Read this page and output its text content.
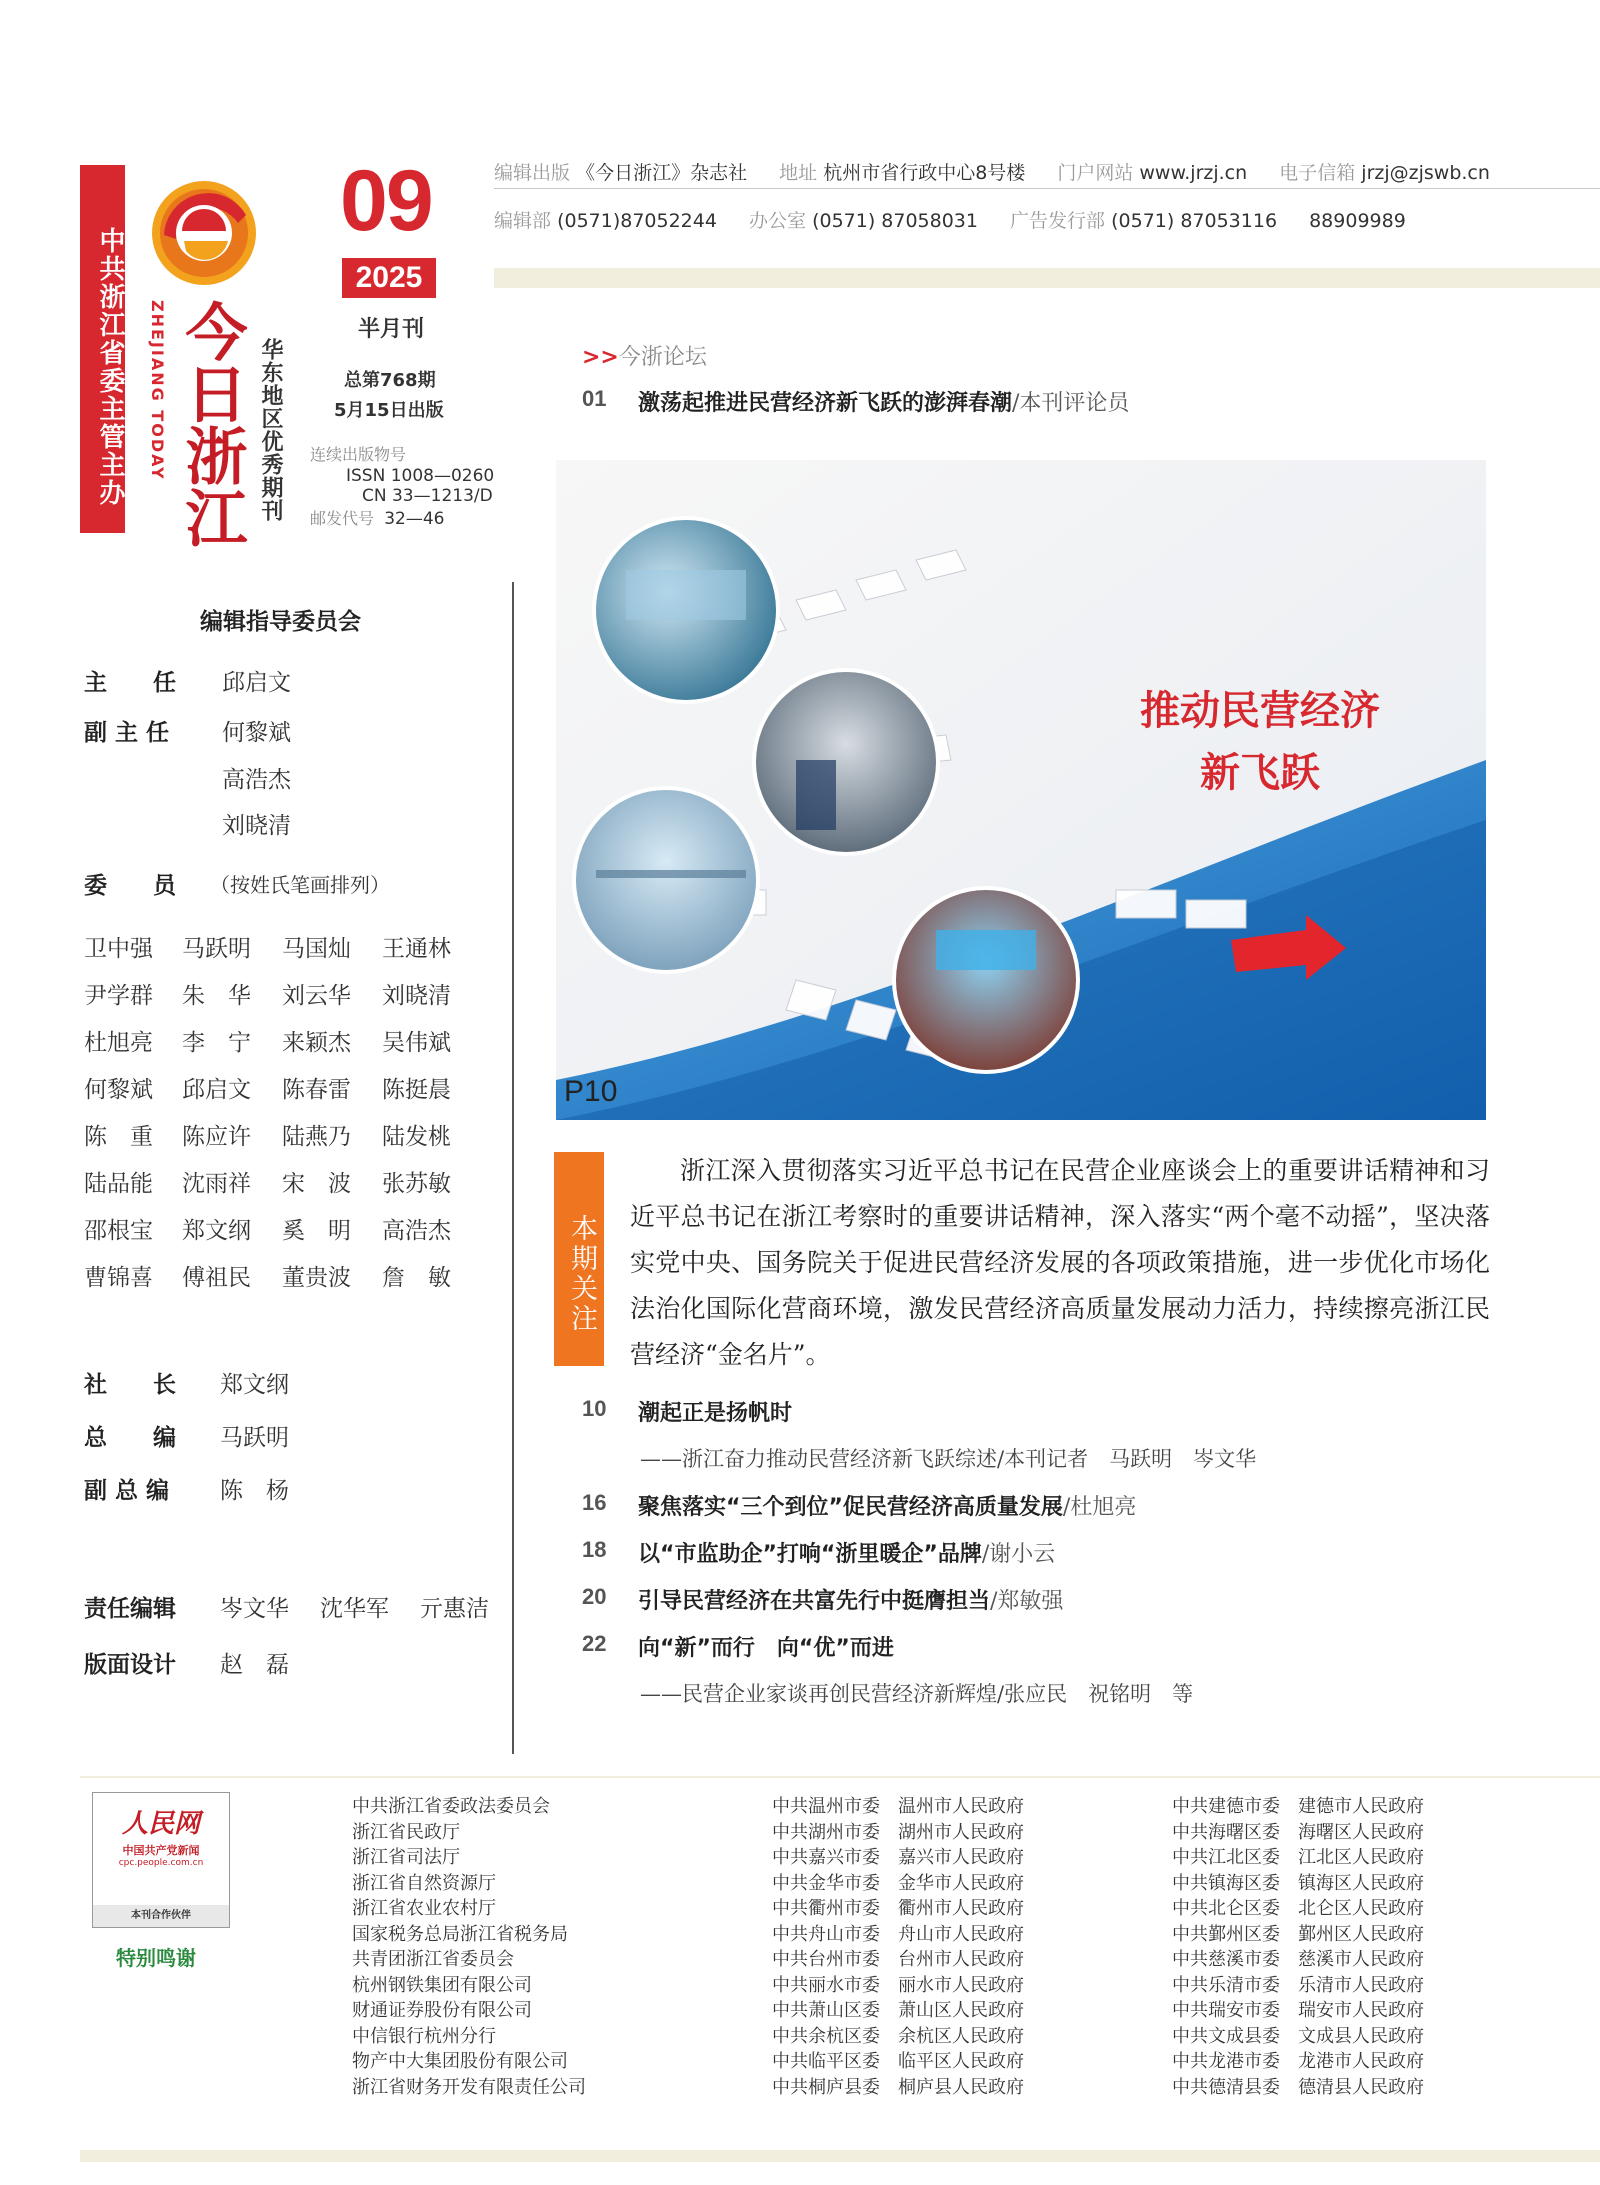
中共浙江省委主管主办 ZHEJIANG TODAY 今日浙江 华东地区优秀期刊
09
2025
半月刊
总第768期
5月15日出版
连续出版物号
ISSN 1008—0260
CN 33—1213/D
邮发代号 32—46
编辑出版 《今日浙江》杂志社 地址 杭州市省行政中心8号楼 门户网站 www.jrzj.cn 电子信箱 jrzj@zjswb.cn
编辑部 (0571)87052244 办公室 (0571) 87058031 广告发行部 (0571) 87053116 88909989
编辑指导委员会
主　　任 邱启文
副 主 任 何黎斌
高浩杰
刘晓清
委　　员 （按姓氏笔画排列）
卫中强 马跃明 马国灿 王通林
尹学群 朱　华 刘云华 刘晓清
杜旭亮 李　宁 来颖杰 吴伟斌
何黎斌 邱启文 陈春雷 陈挺晨
陈　重 陈应许 陆燕乃 陆发桃
陆品能 沈雨祥 宋　波 张苏敏
邵根宝 郑文纲 奚　明 高浩杰
曹锦喜 傅祖民 董贵波 詹　敏
社　　长 郑文纲
总　　编 马跃明
副 总 编 陈　杨
责任编辑 岑文华 沈华军 亓惠洁
版面设计 赵　磊
>>今浙论坛
01 激荡起推进民营经济新飞跃的澎湃春潮/本刊评论员
推动民营经济
新飞跃
P10
本期关注
浙江深入贯彻落实习近平总书记在民营企业座谈会上的重要讲话精神和习近平总书记在浙江考察时的重要讲话精神，深入落实“两个毫不动摇”，坚决落实党中央、国务院关于促进民营经济发展的各项政策措施，进一步优化市场化法治化国际化营商环境，激发民营经济高质量发展动力活力，持续擦亮浙江民营经济“金名片”。
10 潮起正是扬帆时
——浙江奋力推动民营经济新飞跃综述/本刊记者　马跃明　岑文华
16 聚焦落实“三个到位”促民营经济高质量发展/杜旭亮
18 以“市监助企”打响“浙里暖企”品牌/谢小云
20 引导民营经济在共富先行中挺膺担当/郑敏强
22 向“新”而行　向“优”而进
——民营企业家谈再创民营经济新辉煌/张应民　祝铭明　等
人民网
中国共产党新闻
cpc.people.com.cn
本刊合作伙伴
特别鸣谢
中共浙江省委政法委员会
浙江省民政厅
浙江省司法厅
浙江省自然资源厅
浙江省农业农村厅
国家税务总局浙江省税务局
共青团浙江省委员会
杭州钢铁集团有限公司
财通证券股份有限公司
中信银行杭州分行
物产中大集团股份有限公司
浙江省财务开发有限责任公司
中共温州市委　温州市人民政府
中共湖州市委　湖州市人民政府
中共嘉兴市委　嘉兴市人民政府
中共金华市委　金华市人民政府
中共衢州市委　衢州市人民政府
中共舟山市委　舟山市人民政府
中共台州市委　台州市人民政府
中共丽水市委　丽水市人民政府
中共萧山区委　萧山区人民政府
中共余杭区委　余杭区人民政府
中共临平区委　临平区人民政府
中共桐庐县委　桐庐县人民政府
中共建德市委　建德市人民政府
中共海曙区委　海曙区人民政府
中共江北区委　江北区人民政府
中共镇海区委　镇海区人民政府
中共北仑区委　北仑区人民政府
中共鄞州区委　鄞州区人民政府
中共慈溪市委　慈溪市人民政府
中共乐清市委　乐清市人民政府
中共瑞安市委　瑞安市人民政府
中共文成县委　文成县人民政府
中共龙港市委　龙港市人民政府
中共德清县委　德清县人民政府
